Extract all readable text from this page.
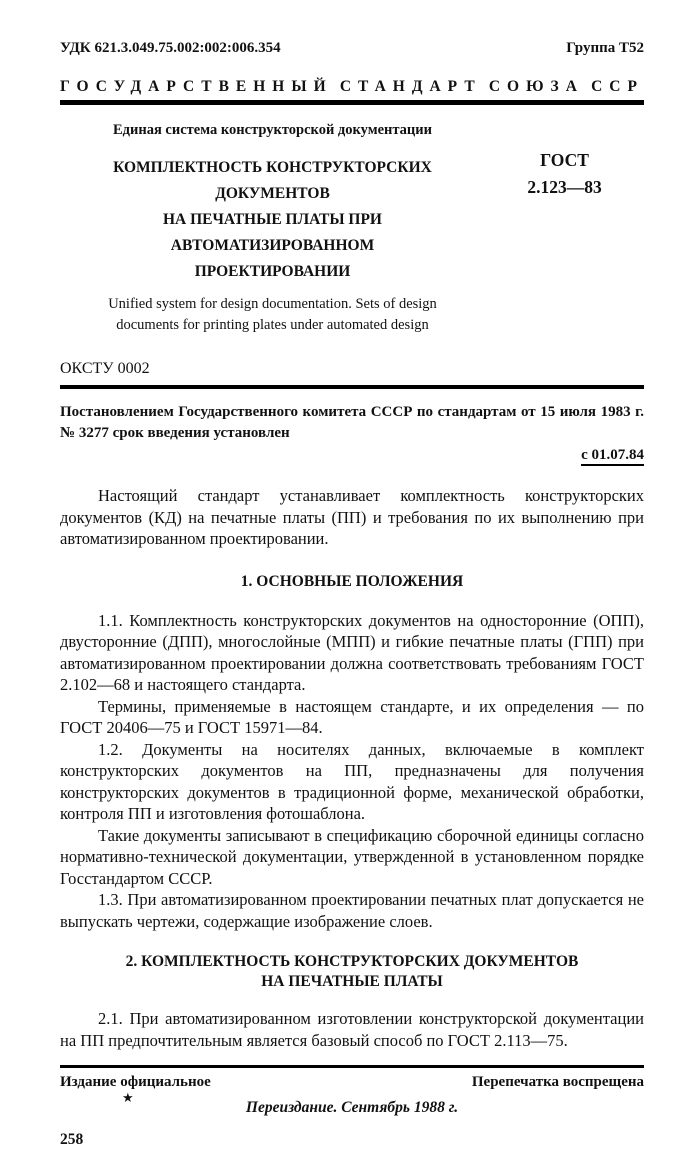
УДК 621.3.049.75.002:002:006.354	Группа Т52
ГОСУДАРСТВЕННЫЙ СТАНДАРТ СОЮЗА ССР
Единая система конструкторской документации
КОМПЛЕКТНОСТЬ КОНСТРУКТОРСКИХ ДОКУМЕНТОВ
НА ПЕЧАТНЫЕ ПЛАТЫ ПРИ АВТОМАТИЗИРОВАННОМ
ПРОЕКТИРОВАНИИ
Unified system for design documentation. Sets of design
documents for printing plates under automated design
ГОСТ
2.123—83
ОКСТУ 0002
Постановлением Государственного комитета СССР по стандартам от 15 июля 1983 г. № 3277 срок введения установлен
с 01.07.84

Настоящий стандарт устанавливает комплектность конструкторских документов (КД) на печатные платы (ПП) и требования по их выполнению при автоматизированном проектировании.

1. ОСНОВНЫЕ ПОЛОЖЕНИЯ

1.1. Комплектность конструкторских документов на односторонние (ОПП), двусторонние (ДПП), многослойные (МПП) и гибкие печатные платы (ГПП) при автоматизированном проектировании должна соответствовать требованиям ГОСТ 2.102—68 и настоящего стандарта.

Термины, применяемые в настоящем стандарте, и их определения — по ГОСТ 20406—75 и ГОСТ 15971—84.

1.2. Документы на носителях данных, включаемые в комплект конструкторских документов на ПП, предназначены для получения конструкторских документов в традиционной форме, механической обработки, контроля ПП и изготовления фотошаблона.

Такие документы записывают в спецификацию сборочной единицы согласно нормативно-технической документации, утвержденной в установленном порядке Госстандартом СССР.

1.3. При автоматизированном проектировании печатных плат допускается не выпускать чертежи, содержащие изображение слоев.

2. КОМПЛЕКТНОСТЬ КОНСТРУКТОРСКИХ ДОКУМЕНТОВ
НА ПЕЧАТНЫЕ ПЛАТЫ

2.1. При автоматизированном изготовлении конструкторской документации на ПП предпочтительным является базовый способ по ГОСТ 2.113—75.

Издание официальное	Перепечатка воспрещена
★
Переиздание. Сентябрь 1988 г.
258
